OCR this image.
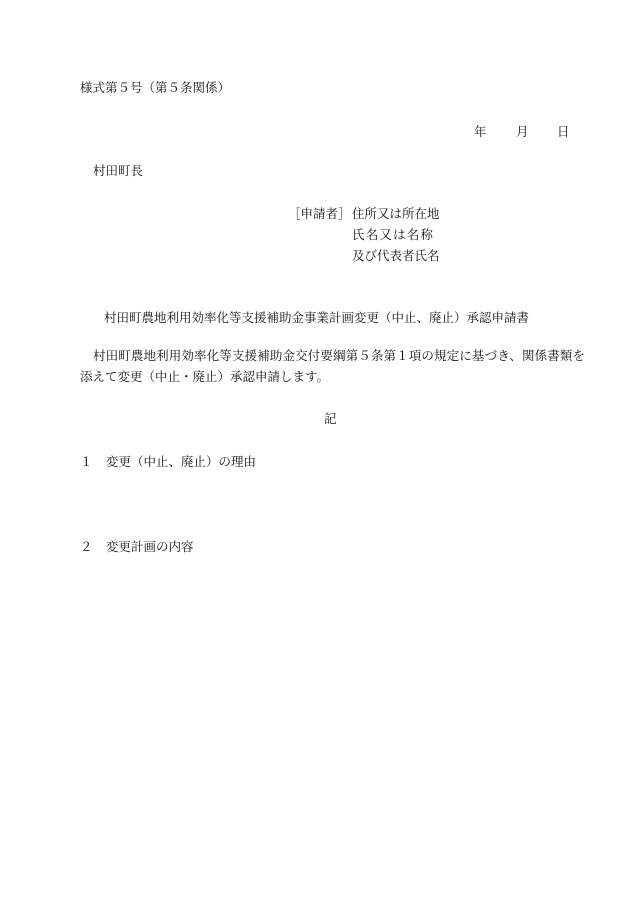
様式第５号（第５条関係）
年 月 日
村田町長
［申請者］ 住所又は所在地
氏名又は名称
及び代表者氏名
村田町農地利用効率化等支援補助金事業計画変更（中止、廃止）承認申請書
村田町農地利用効率化等支援補助金交付要綱第５条第１項の規定に基づき、関係書類を添えて変更（中止・廃止）承認申請します。
記
１ 変更（中止、廃止）の理由
２ 変更計画の内容
